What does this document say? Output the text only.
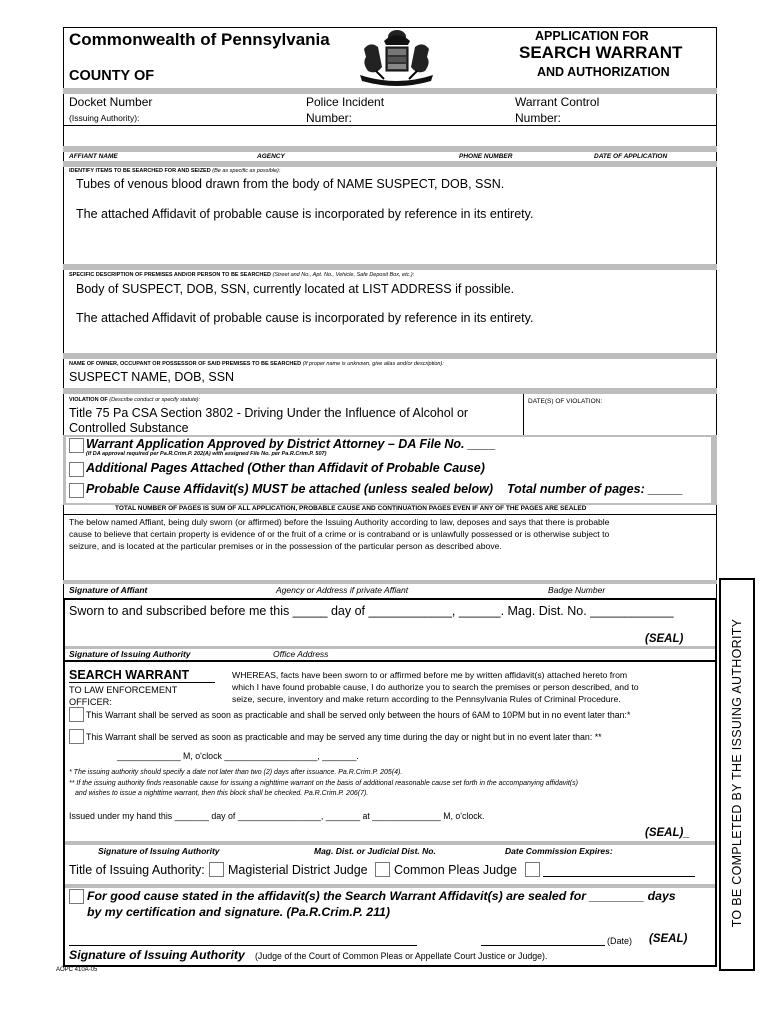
Commonwealth of Pennsylvania
COUNTY OF
APPLICATION FOR
SEARCH WARRANT
AND AUTHORIZATION
Docket Number
(Issuing Authority):
Police Incident
Number:
Warrant Control
Number:
AFFIANT NAME	AGENCY	PHONE NUMBER	DATE OF APPLICATION
IDENTIFY ITEMS TO BE SEARCHED FOR AND SEIZED (Be as specific as possible):
Tubes of venous blood drawn from the body of NAME SUSPECT, DOB, SSN.
The attached Affidavit of probable cause is incorporated by reference in its entirety.
SPECIFIC DESCRIPTION OF PREMISES AND/OR PERSON TO BE SEARCHED (Street and No., Apt. No., Vehicle, Safe Deposit Box, etc.):
Body of SUSPECT, DOB, SSN, currently located at LIST ADDRESS if possible.
The attached Affidavit of probable cause is incorporated by reference in its entirety.
NAME OF OWNER, OCCUPANT OR POSSESSOR OF SAID PREMISES TO BE SEARCHED (If proper name is unknown, give alias and/or description):
SUSPECT NAME, DOB, SSN
VIOLATION OF (Describe conduct or specify statute):
Title 75 Pa CSA Section 3802 - Driving Under the Influence of Alcohol or
Controlled Substance
DATE(S) OF VIOLATION:
Warrant Application Approved by District Attorney – DA File No. ____
(If DA approval required per Pa.R.Crim.P. 202(A) with assigned File No. per Pa.R.Crim.P. 507)
Additional Pages Attached (Other than Affidavit of Probable Cause)
Probable Cause Affidavit(s) MUST be attached (unless sealed below) Total number of pages: _____
TOTAL NUMBER OF PAGES IS SUM OF ALL APPLICATION, PROBABLE CAUSE AND CONTINUATION PAGES EVEN IF ANY OF THE PAGES ARE SEALED
The below named Affiant, being duly sworn (or affirmed) before the Issuing Authority according to law, deposes and says that there is probable
cause to believe that certain property is evidence of or the fruit of a crime or is contraband or is unlawfully possessed or is otherwise subject to
seizure, and is located at the particular premises or in the possession of the particular person as described above.
Signature of Affiant	Agency or Address if private Affiant	Badge Number
Sworn to and subscribed before me this _____ day of ____________, ______. Mag. Dist. No. ____________
(SEAL)
Signature of Issuing Authority	Office Address
SEARCH WARRANT
TO LAW ENFORCEMENT
OFFICER:
WHEREAS, facts have been sworn to or affirmed before me by written affidavit(s) attached hereto from
which I have found probable cause, I do authorize you to search the premises or person described, and to
seize, secure, inventory and make return according to the Pennsylvania Rules of Criminal Procedure.
This Warrant shall be served as soon as practicable and shall be served only between the hours of 6AM to 10PM but in no event later than:*
This Warrant shall be served as soon as practicable and may be served any time during the day or night but in no event later than: **
_____________ M, o'clock ___________________, _______.
* The issuing authority should specify a date not later than two (2) days after issuance. Pa.R.Crim.P. 205(4).
** If the issuing authority finds reasonable cause for issuing a nighttime warrant on the basis of additional reasonable cause set forth in the accompanying affidavit(s)
and wishes to issue a nighttime warrant, then this block shall be checked. Pa.R.Crim.P. 206(7).
Issued under my hand this _______ day of _________________, _______ at ______________ M, o'clock.
(SEAL)_
Signature of Issuing Authority	Mag. Dist. or Judicial Dist. No.	Date Commission Expires:
Title of Issuing Authority: Magisterial District Judge Common Pleas Judge
For good cause stated in the affidavit(s) the Search Warrant Affidavit(s) are sealed for ________ days
by my certification and signature. (Pa.R.Crim.P. 211)
(Date) (SEAL)
Signature of Issuing Authority (Judge of the Court of Common Pleas or Appellate Court Justice or Judge).
TO BE COMPLETED BY THE ISSUING AUTHORITY
AOPC 410A-05
